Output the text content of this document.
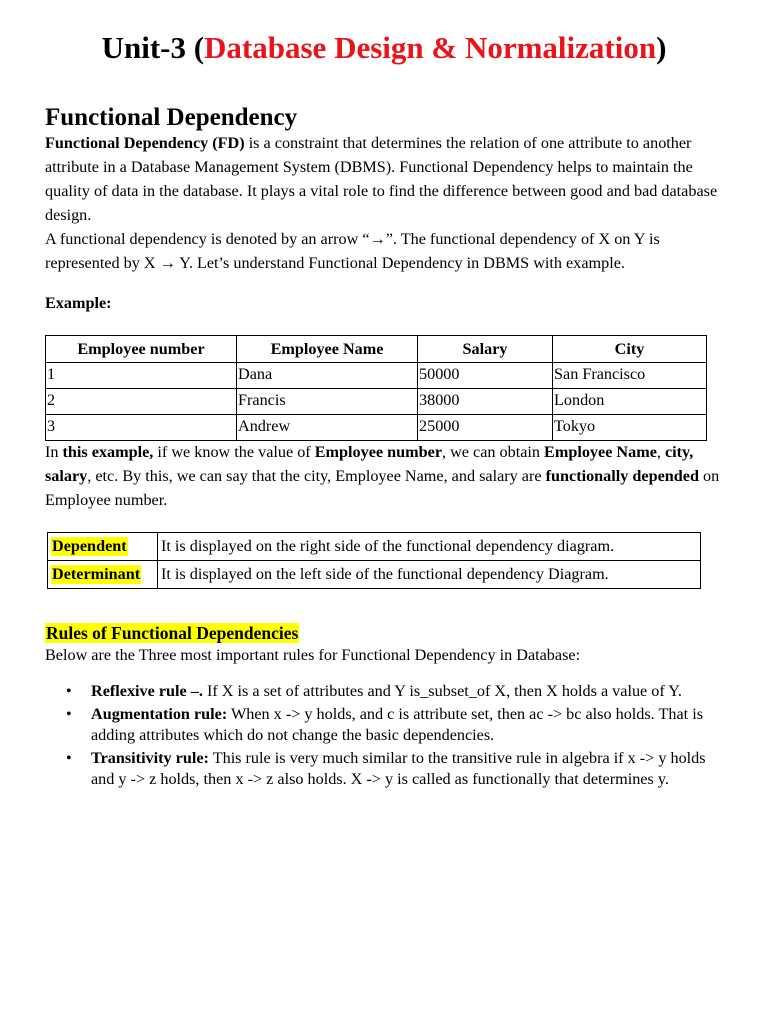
Unit-3 (Database Design & Normalization)
Functional Dependency

Functional Dependency (FD) is a constraint that determines the relation of one attribute to another attribute in a Database Management System (DBMS). Functional Dependency helps to maintain the quality of data in the database. It plays a vital role to find the difference between good and bad database design.

A functional dependency is denoted by an arrow “→”. The functional dependency of X on Y is represented by X → Y. Let’s understand Functional Dependency in DBMS with example.

Example:
Employee number	Employee Name	Salary	City
1	Dana	50000	San Francisco
2	Francis	38000	London
3	Andrew	25000	Tokyo

In this example, if we know the value of Employee number, we can obtain Employee Name, city, salary, etc. By this, we can say that the city, Employee Name, and salary are functionally depended on Employee number.

Dependent	It is displayed on the right side of the functional dependency diagram.
Determinant	It is displayed on the left side of the functional dependency Diagram.
Rules of Functional Dependencies
Below are the Three most important rules for Functional Dependency in Database:
• Reflexive rule –. If X is a set of attributes and Y is_subset_of X, then X holds a value of Y.
• Augmentation rule: When x -> y holds, and c is attribute set, then ac -> bc also holds. That is adding attributes which do not change the basic dependencies.
• Transitivity rule: This rule is very much similar to the transitive rule in algebra if x -> y holds and y -> z holds, then x -> z also holds. X -> y is called as functionally that determines y.
